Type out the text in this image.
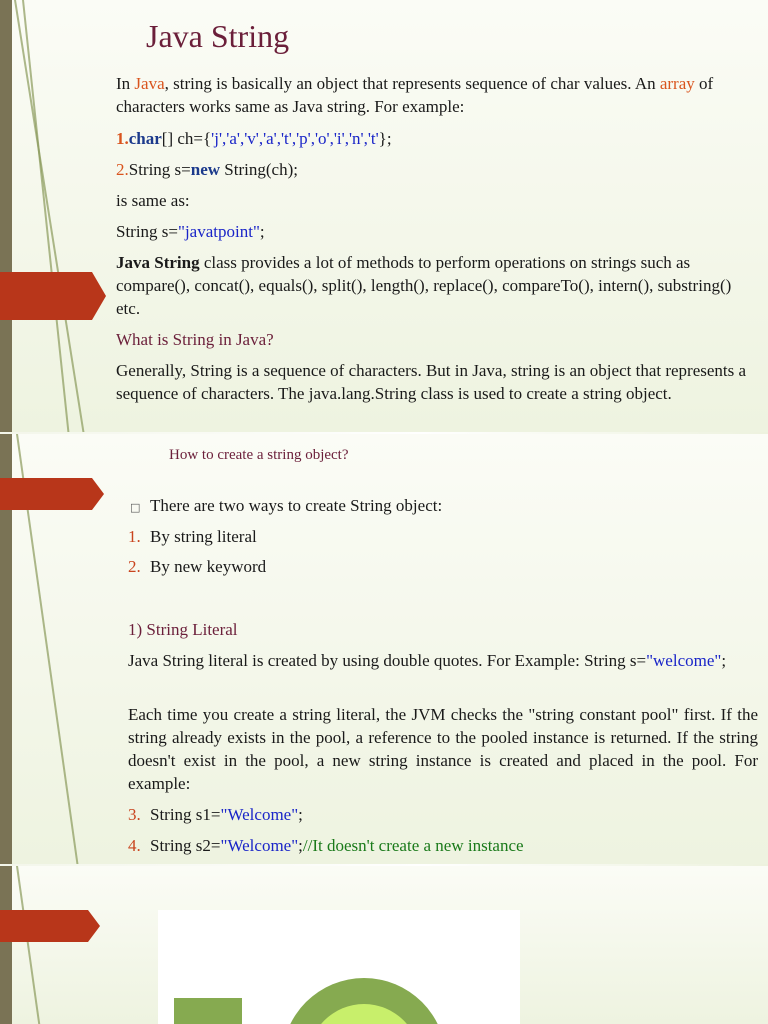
Java String
In Java, string is basically an object that represents sequence of char values. An array of characters works same as Java string. For example:
1.char[] ch={'j','a','v','a','t','p','o','i','n','t'};
2.String s=new String(ch);
is same as:
String s="javatpoint";
Java String class provides a lot of methods to perform operations on strings such as compare(), concat(), equals(), split(), length(), replace(), compareTo(), intern(), substring() etc.
What is String in Java?
Generally, String is a sequence of characters. But in Java, string is an object that represents a sequence of characters. The java.lang.String class is used to create a string object.
How to create a string object?
□ There are two ways to create String object:
1. By string literal
2. By new keyword
1) String Literal
Java String literal is created by using double quotes. For Example: String s="welcome";
Each time you create a string literal, the JVM checks the "string constant pool" first. If the string already exists in the pool, a reference to the pooled instance is returned. If the string doesn't exist in the pool, a new string instance is created and placed in the pool. For example:
3. String s1="Welcome";
4. String s2="Welcome";//It doesn't create a new instance
